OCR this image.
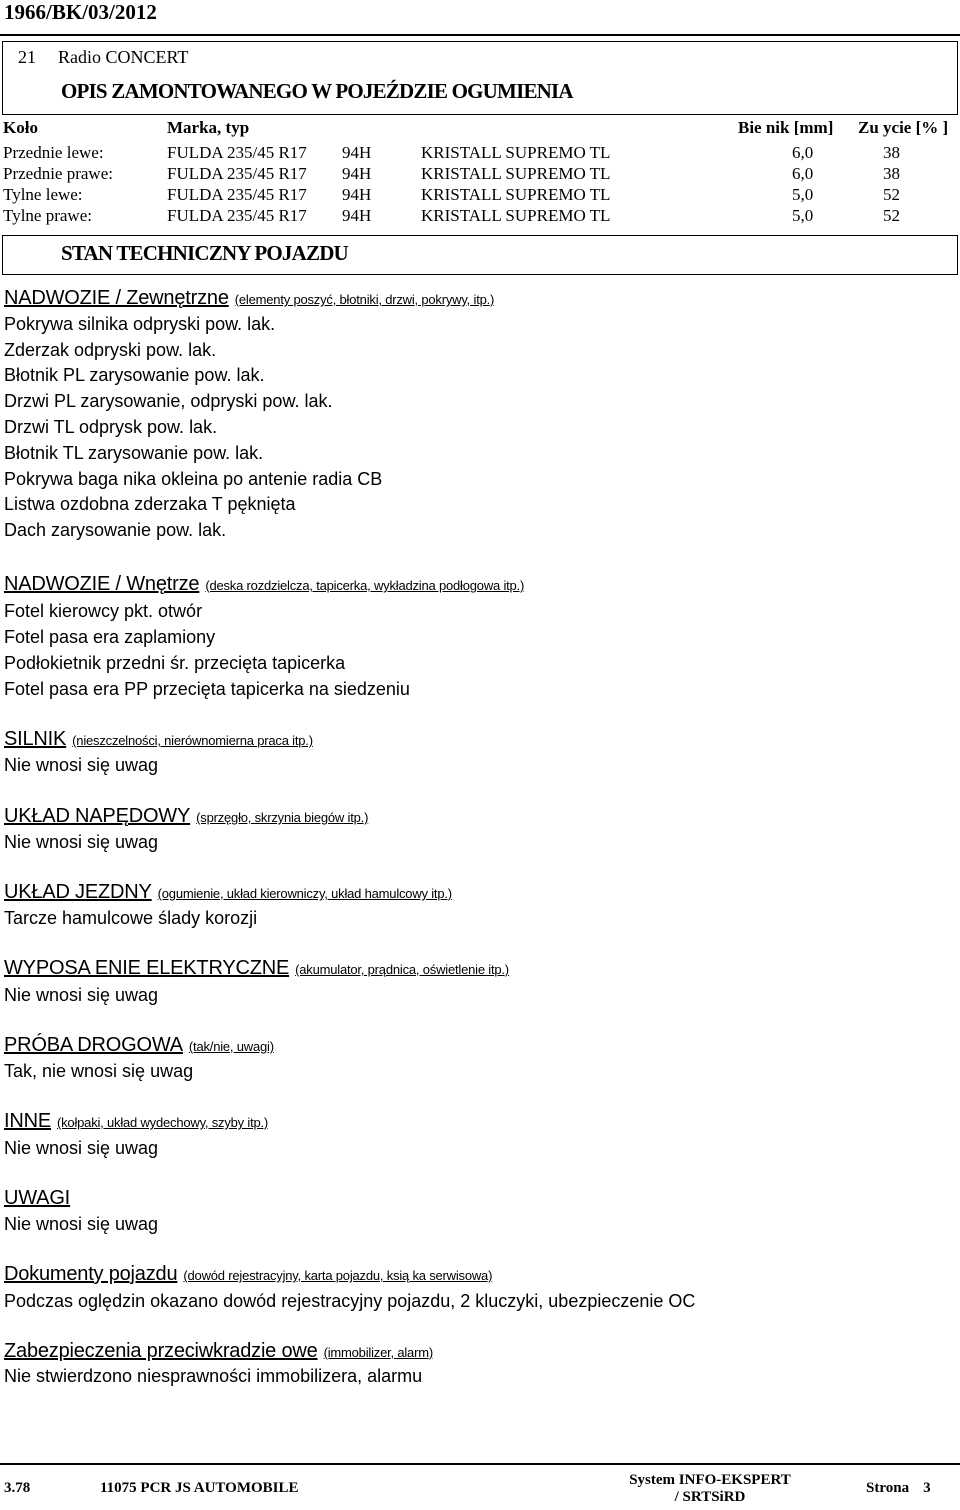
1966/BK/03/2012
21 Radio CONCERT
OPIS ZAMONTOWANEGO W POJEŹDZIE OGUMIENIA
Koło	Marka, typ	Bie nik [mm] Zu ycie [% ]
Przednie lewe:	FULDA 235/45 R17 94H	KRISTALL SUPREMO TL	6,0	38
Przednie prawe:	FULDA 235/45 R17 94H	KRISTALL SUPREMO TL	6,0	38
Tylne lewe:	FULDA 235/45 R17 94H	KRISTALL SUPREMO TL	5,0	52
Tylne prawe:	FULDA 235/45 R17 94H	KRISTALL SUPREMO TL	5,0	52
STAN TECHNICZNY POJAZDU
NADWOZIE / Zewnętrzne (elementy poszyć, błotniki, drzwi, pokrywy, itp.)
Pokrywa silnika odpryski pow. lak.
Zderzak odpryski pow. lak.
Błotnik PL zarysowanie pow. lak.
Drzwi PL zarysowanie, odpryski pow. lak.
Drzwi TL odprysk pow. lak.
Błotnik TL zarysowanie pow. lak.
Pokrywa baga nika okleina po antenie radia CB
Listwa ozdobna zderzaka T pęknięta
Dach zarysowanie pow. lak.
NADWOZIE / Wnętrze (deska rozdzielcza, tapicerka, wykładzina podłogowa itp.)
Fotel kierowcy pkt. otwór
Fotel pasa era zaplamiony
Podłokietnik przedni śr. przecięta tapicerka
Fotel pasa era PP przecięta tapicerka na siedzeniu
SILNIK (nieszczelności, nierównomierna praca itp.)
Nie wnosi się uwag
UKŁAD NAPĘDOWY (sprzęgło, skrzynia biegów itp.)
Nie wnosi się uwag
UKŁAD JEZDNY (ogumienie, układ kierowniczy, układ hamulcowy itp.)
Tarcze hamulcowe ślady korozji
WYPOSA ENIE ELEKTRYCZNE (akumulator, prądnica, oświetlenie itp.)
Nie wnosi się uwag
PRÓBA DROGOWA (tak/nie, uwagi)
Tak, nie wnosi się uwag
INNE (kołpaki, układ wydechowy, szyby itp.)
Nie wnosi się uwag
UWAGI
Nie wnosi się uwag
Dokumenty pojazdu (dowód rejestracyjny, karta pojazdu, ksią ka serwisowa)
Podczas oględzin okazano dowód rejestracyjny pojazdu, 2 kluczyki, ubezpieczenie OC
Zabezpieczenia przeciwkradzie owe (immobilizer, alarm)
Nie stwierdzono niesprawności immobilizera, alarmu
3.78	11075 PCR JS AUTOMOBILE	System INFO-EKSPERT
/ SRTSiRD
Strona 3
